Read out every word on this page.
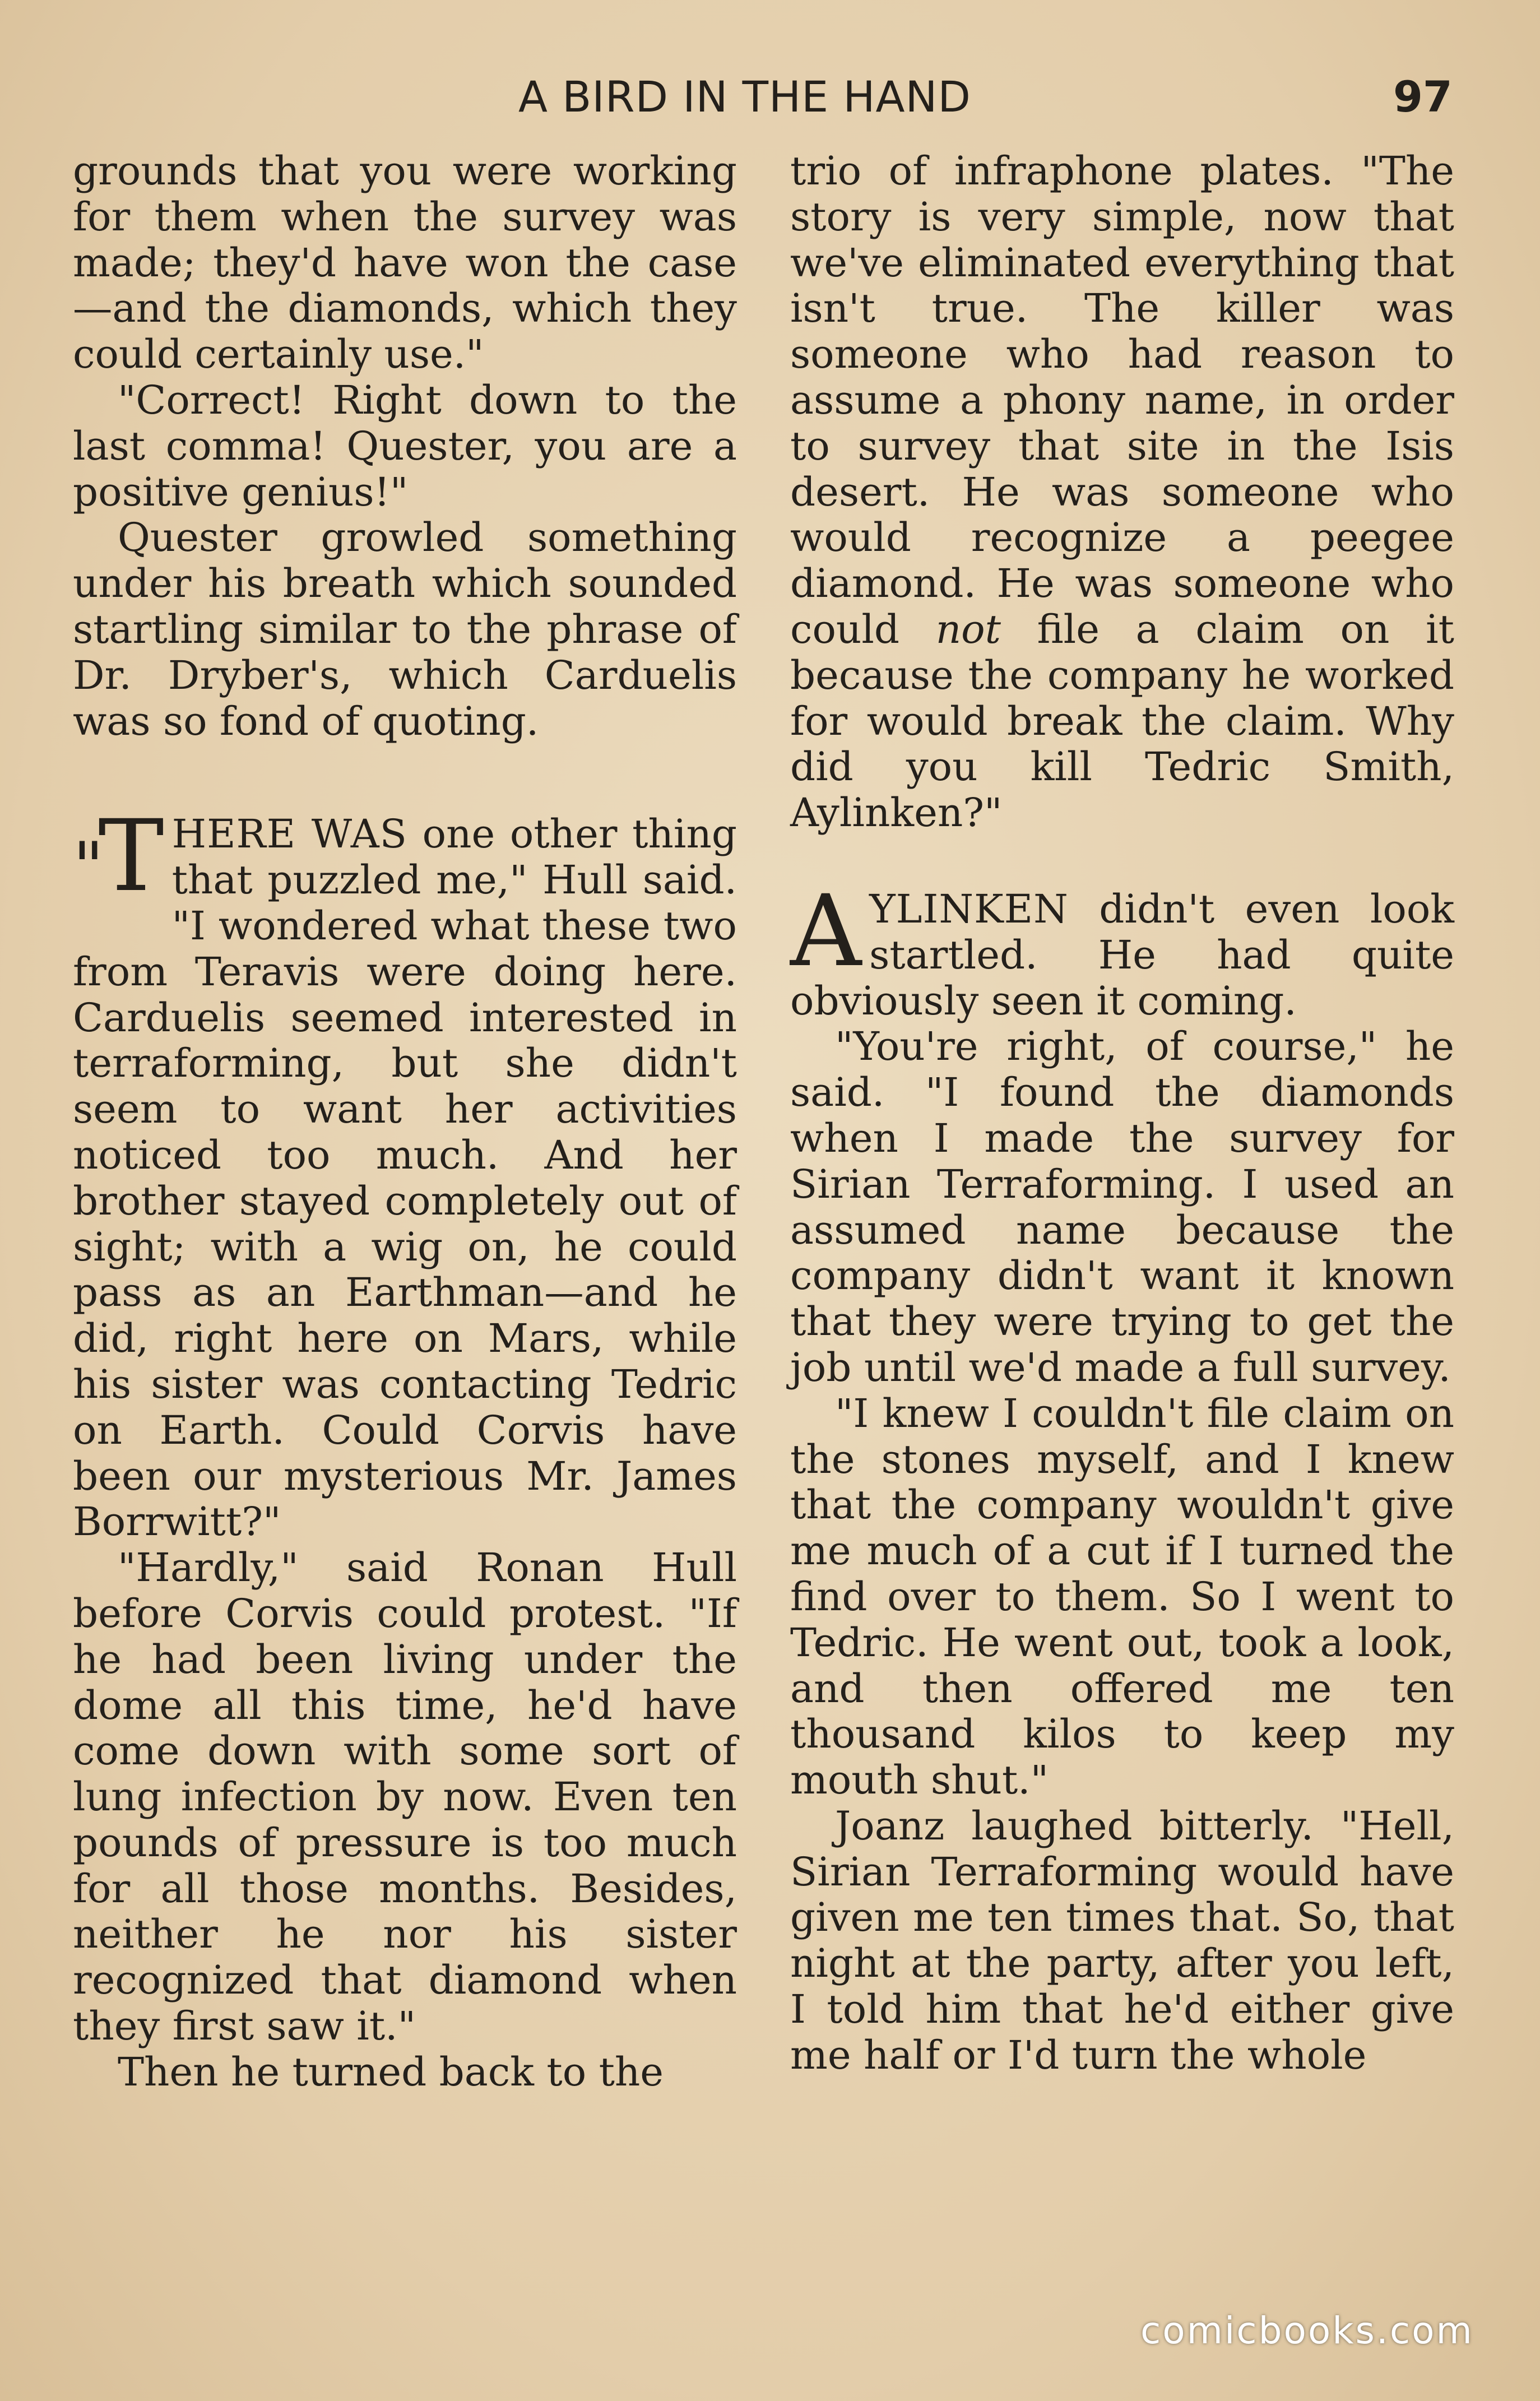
A BIRD IN THE HAND	97

grounds that you were working for them when the survey was made; they'd have won the case—and the diamonds, which they could certainly use."

"Correct! Right down to the last comma! Quester, you are a positive genius!"

Quester growled something under his breath which sounded startling similar to the phrase of Dr. Dryber's, which Carduelis was so fond of quoting.

"T HERE WAS one other thing that puzzled me," Hull said. "I wondered what these two from Teravis were doing here. Carduelis seemed interested in terraforming, but she didn't seem to want her activities noticed too much. And her brother stayed completely out of sight; with a wig on, he could pass as an Earthman—and he did, right here on Mars, while his sister was contacting Tedric on Earth. Could Corvis have been our mysterious Mr. James Borrwitt?"

"Hardly," said Ronan Hull before Corvis could protest. "If he had been living under the dome all this time, he'd have come down with some sort of lung infection by now. Even ten pounds of pressure is too much for all those months. Besides, neither he nor his sister recognized that diamond when they first saw it."

Then he turned back to the

trio of infraphone plates. "The story is very simple, now that we've eliminated everything that isn't true. The killer was someone who had reason to assume a phony name, in order to survey that site in the Isis desert. He was someone who would recognize a peegee diamond. He was someone who could not file a claim on it because the company he worked for would break the claim. Why did you kill Tedric Smith, Aylinken?"

AYLINKEN didn't even look startled. He had quite obviously seen it coming.

"You're right, of course," he said. "I found the diamonds when I made the survey for Sirian Terraforming. I used an assumed name because the company didn't want it known that they were trying to get the job until we'd made a full survey.

"I knew I couldn't file claim on the stones myself, and I knew that the company wouldn't give me much of a cut if I turned the find over to them. So I went to Tedric. He went out, took a look, and then offered me ten thousand kilos to keep my mouth shut."

Joanz laughed bitterly. "Hell, Sirian Terraforming would have given me ten times that. So, that night at the party, after you left, I told him that he'd either give me half or I'd turn the whole

comicbooks.com
